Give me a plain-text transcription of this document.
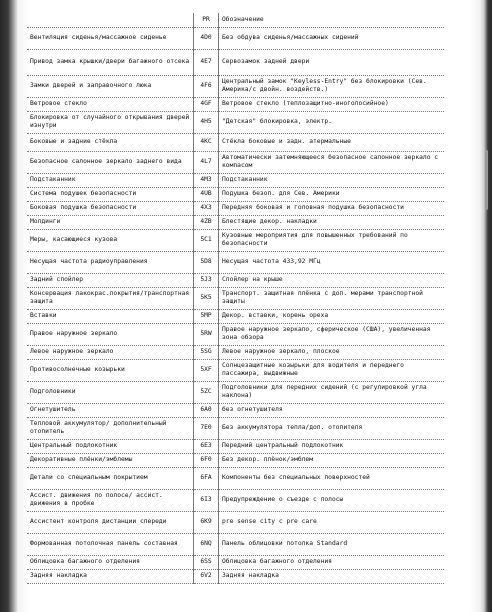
	PR	Обозначение
Вентиляция сиденья/массажное сиденье	4D0	Без обдува сиденья/массажных сидений
Привод замка крышки/двери багажного отсека	4E7	Сервозамок задней двери
Замки дверей и заправочного люка	4F6	Центральный замок "Keyless-Entry" без блокировки (Сев. Америка/с двойн. воздейств.)
Ветровое стекло	4GF	Ветровое стекло (теплозащитно-иноголосийное)
Блокировка от случайного открывания дверей изнутри	4H5	"Детская" блокировка, электр.
Боковые и задние стёкла	4KC	Стёкла боковые и задн. атермальные
Безопасное салонное зеркало заднего вида	4L7	Автоматически затемняющееся безопасное салонное зеркало с компасом
Подстаканник	4M3	Подстаканник
Система подушек безопасности	4UB	Подушка безоп. для Сев. Америки
Боковая подушка безопасности	4X3	Передняя боковая и головная подушка безопасности
Молдинги	4ZB	Блестящие декор. накладки
Меры, касающиеся кузова	5C1	Кузовные мероприятия для повышенных требований по безопасности
Несущая частота радиоуправления	5D8	Несущая частота 433,92 МГц
Задний спойлер	5J3	Спойлер на крыше
Консервация лакокрас.покрытия/транспортная защита	5K5	Транспорт. защитная плёнка с доп. мерами транспортной защиты
Вставки	5MP	Декор. вставки, корень ореха
Правое наружное зеркало	5RW	Правое наружное зеркало, сферическое (США), увеличенная зона обзора
Левое наружное зеркало	5SG	Левое наружное зеркало, плоское
Противосолнечные козырьки	5XF	Солнцезащитные козырьки для водителя и переднего пассажира, выдвижные
Подголовники	5ZC	Подголовники для передних сидений (с регулировкой угла наклона)
Огнетушитель	6A0	без огнетушителя
Тепловой аккумулятор/ дополнительный отопитель	7E0	Без аккумулятора тепла/доп. отопителя
Центральный подлокотник	6E3	Передний центральный подлокотник
Декоративные плёнки/эмблемы	6F0	Без декор. плёнок/эмблем
Детали со специальным покрытием	6FA	Компоненты без специальных поверхностей
Ассист. движения по полосе/ ассист. движения в пробке	6I3	Предупреждение о съезде с полосы
Ассистент контроля дистанции спереди	6K9	pre sense city с pre care
Формованная потолочная панель составная	6NQ	Панель облицовки потолка Standard
Облицовка багажного отделения	6SS	Облицовка багажного отделения
Задняя накладка	6V2	Задняя накладка
